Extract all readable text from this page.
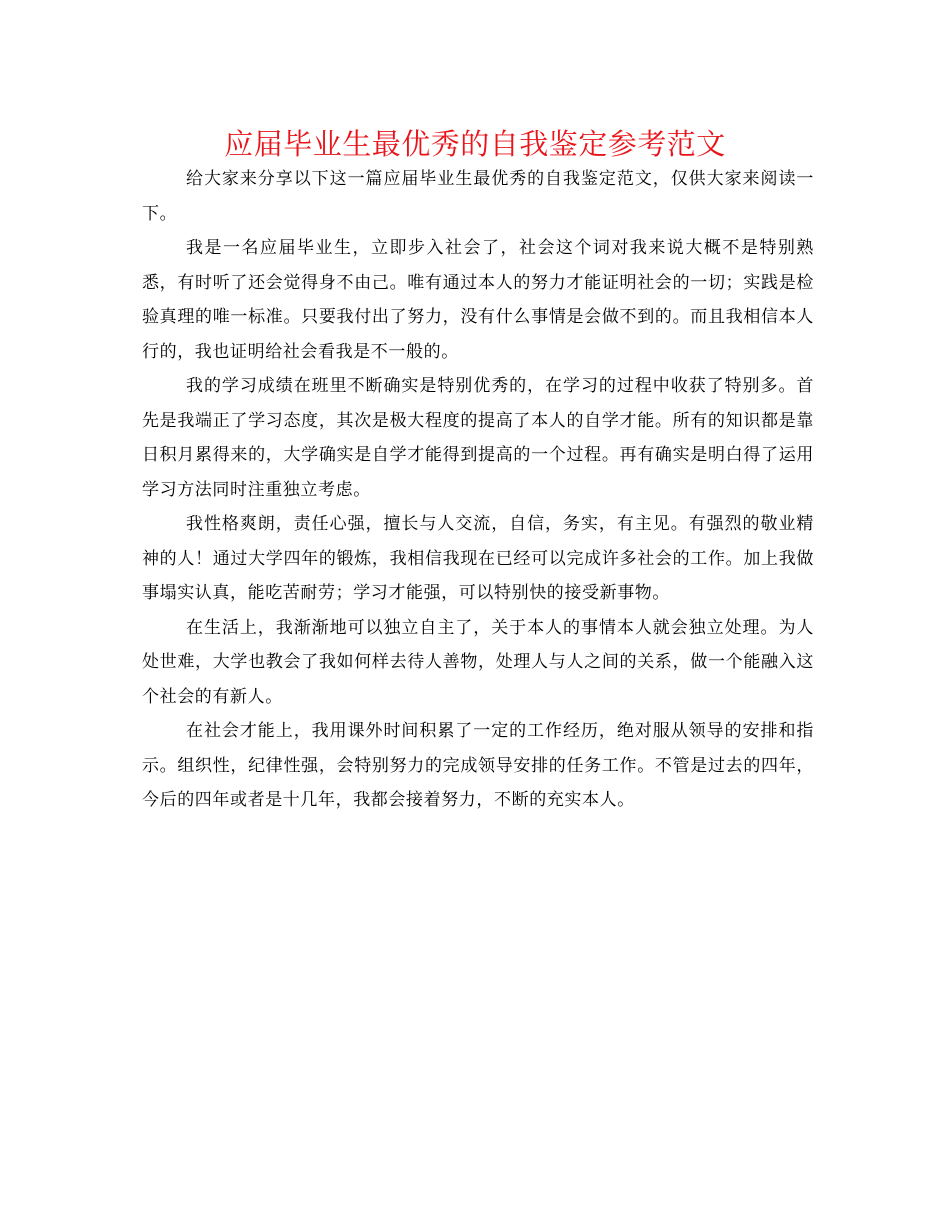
应届毕业生最优秀的自我鉴定参考范文

给大家来分享以下这一篇应届毕业生最优秀的自我鉴定范文，仅供大家来阅读一下。

我是一名应届毕业生，立即步入社会了，社会这个词对我来说大概不是特别熟悉，有时听了还会觉得身不由己。唯有通过本人的努力才能证明社会的一切；实践是检验真理的唯一标准。只要我付出了努力，没有什么事情是会做不到的。而且我相信本人行的，我也证明给社会看我是不一般的。

我的学习成绩在班里不断确实是特别优秀的，在学习的过程中收获了特别多。首先是我端正了学习态度，其次是极大程度的提高了本人的自学才能。所有的知识都是靠日积月累得来的，大学确实是自学才能得到提高的一个过程。再有确实是明白得了运用学习方法同时注重独立考虑。

我性格爽朗，责任心强，擅长与人交流，自信，务实，有主见。有强烈的敬业精神的人！通过大学四年的锻炼，我相信我现在已经可以完成许多社会的工作。加上我做事塌实认真，能吃苦耐劳；学习才能强，可以特别快的接受新事物。

在生活上，我渐渐地可以独立自主了，关于本人的事情本人就会独立处理。为人处世难，大学也教会了我如何样去待人善物，处理人与人之间的关系，做一个能融入这个社会的有新人。

在社会才能上，我用课外时间积累了一定的工作经历，绝对服从领导的安排和指示。组织性，纪律性强，会特别努力的完成领导安排的任务工作。不管是过去的四年，今后的四年或者是十几年，我都会接着努力，不断的充实本人。
